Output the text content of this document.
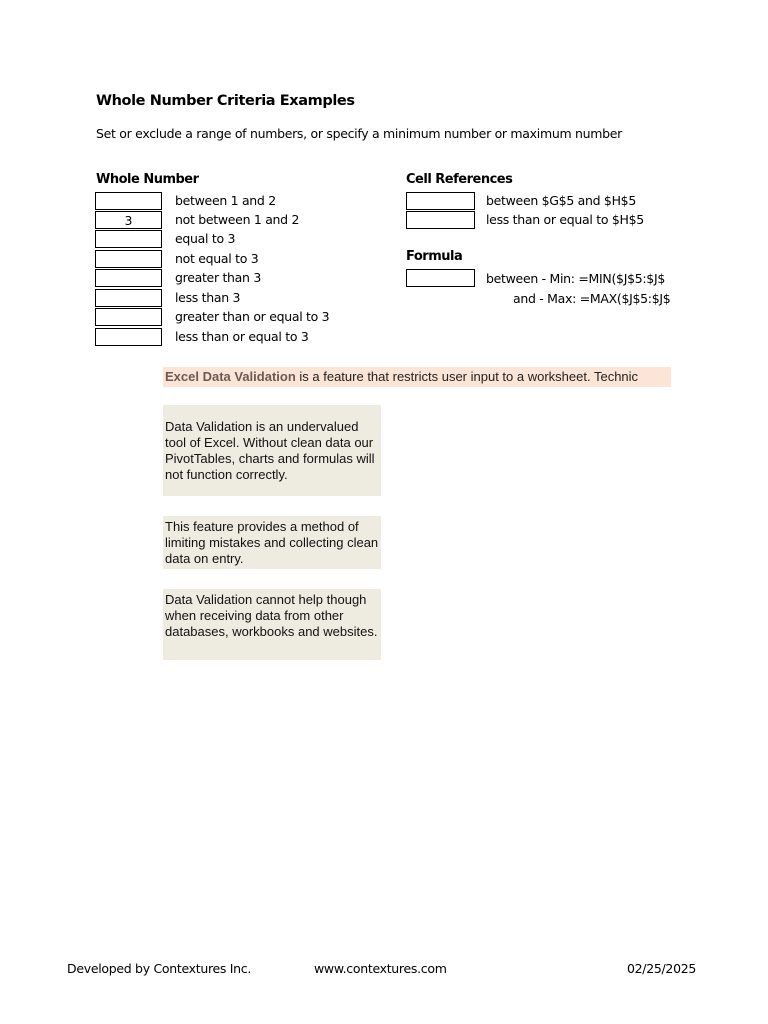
Whole Number Criteria Examples
Set or exclude a range of numbers, or specify a minimum number or maximum number
Whole Number
3
between 1 and 2
not between 1 and 2
equal to 3
not equal to 3
greater than 3
less than 3
greater than or equal to 3
less than or equal to 3
Cell References
between $G$5 and $H$5
less than or equal to $H$5
Formula
between - Min: =MIN($J$5:$J$
and - Max: =MAX($J$5:$J$
Excel Data Validation is a feature that restricts user input to a worksheet. Technic
Data Validation is an undervalued tool of Excel. Without clean data our PivotTables, charts and formulas will not function correctly.
This feature provides a method of limiting mistakes and collecting clean data on entry.
Data Validation cannot help though when receiving data from other databases, workbooks and websites.
Developed by Contextures Inc.	www.contextures.com	02/25/2025
